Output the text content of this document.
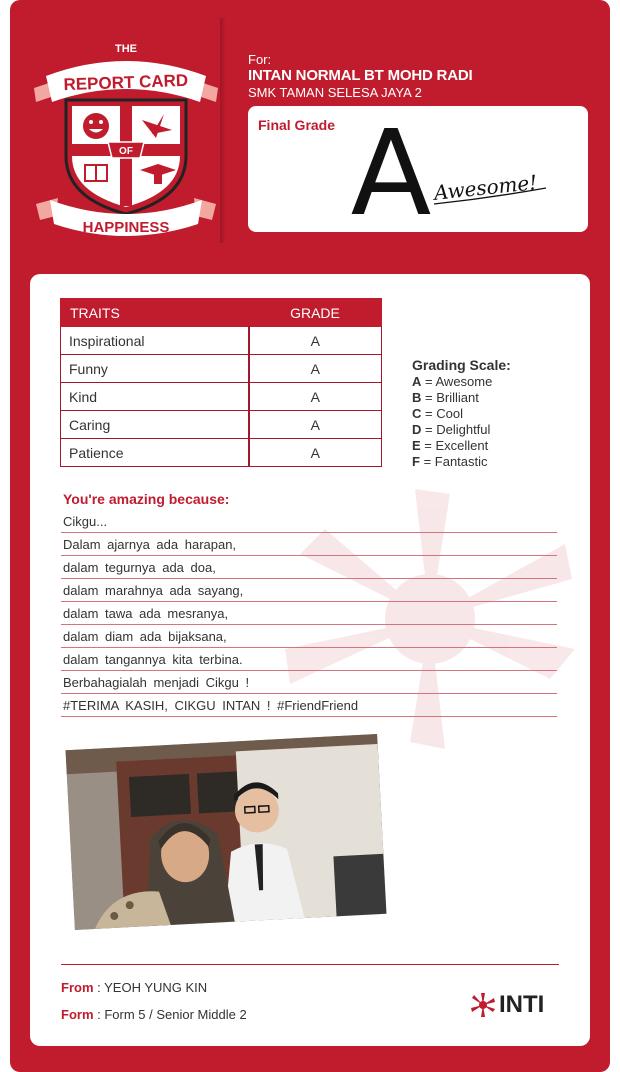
THE
REPORT CARD
OF
HAPPINESS
For:
INTAN NORMAL BT MOHD RADI
SMK TAMAN SELESA JAYA 2
Final Grade A Awesome!
TRAITS	GRADE
Inspirational	A
Funny	A
Kind	A
Caring	A
Patience	A
Grading Scale:
A = Awesome
B = Brilliant
C = Cool
D = Delightful
E = Excellent
F = Fantastic
You're amazing because:
Cikgu...
Dalam ajarnya ada harapan,
dalam tegurnya ada doa,
dalam marahnya ada sayang,
dalam tawa ada mesranya,
dalam diam ada bijaksana,
dalam tangannya kita terbina.
Berbahagialah menjadi Cikgu !
#TERIMA KASIH, CIKGU INTAN ! #FriendFriend
From : YEOH YUNG KIN
Form : Form 5 / Senior Middle 2	INTI
